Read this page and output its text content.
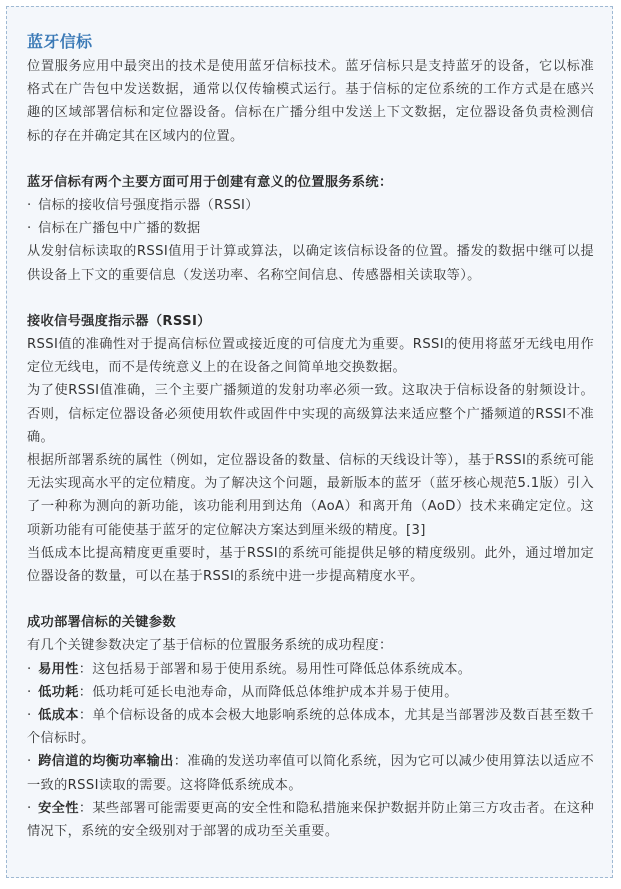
蓝牙信标

位置服务应用中最突出的技术是使用蓝牙信标技术。蓝牙信标只是支持蓝牙的设备，它以标准格式在广告包中发送数据，通常以仅传输模式运行。基于信标的定位系统的工作方式是在感兴趣的区域部署信标和定位器设备。信标在广播分组中发送上下文数据，定位器设备负责检测信标的存在并确定其在区域内的位置。

蓝牙信标有两个主要方面可用于创建有意义的位置服务系统：

· 信标的接收信号强度指示器（RSSI）

· 信标在广播包中广播的数据

从发射信标读取的RSSI值用于计算或算法，以确定该信标设备的位置。播发的数据中继可以提供设备上下文的重要信息（发送功率、名称空间信息、传感器相关读取等）。

接收信号强度指示器（RSSI）

RSSI值的准确性对于提高信标位置或接近度的可信度尤为重要。RSSI的使用将蓝牙无线电用作定位无线电，而不是传统意义上的在设备之间简单地交换数据。

为了使RSSI值准确，三个主要广播频道的发射功率必须一致。这取决于信标设备的射频设计。否则，信标定位器设备必须使用软件或固件中实现的高级算法来适应整个广播频道的RSSI不准确。

根据所部署系统的属性（例如，定位器设备的数量、信标的天线设计等），基于RSSI的系统可能无法实现高水平的定位精度。为了解决这个问题，最新版本的蓝牙（蓝牙核心规范5.1版）引入了一种称为测向的新功能，该功能利用到达角（AoA）和离开角（AoD）技术来确定定位。这项新功能有可能使基于蓝牙的定位解决方案达到厘米级的精度。[3]

当低成本比提高精度更重要时，基于RSSI的系统可能提供足够的精度级别。此外，通过增加定位器设备的数量，可以在基于RSSI的系统中进一步提高精度水平。

成功部署信标的关键参数

有几个关键参数决定了基于信标的位置服务系统的成功程度：

· 易用性：这包括易于部署和易于使用系统。易用性可降低总体系统成本。

· 低功耗：低功耗可延长电池寿命，从而降低总体维护成本并易于使用。

· 低成本：单个信标设备的成本会极大地影响系统的总体成本，尤其是当部署涉及数百甚至数千个信标时。

· 跨信道的均衡功率输出：准确的发送功率值可以简化系统，因为它可以减少使用算法以适应不一致的RSSI读取的需要。这将降低系统成本。

· 安全性：某些部署可能需要更高的安全性和隐私措施来保护数据并防止第三方攻击者。在这种情况下，系统的安全级别对于部署的成功至关重要。
